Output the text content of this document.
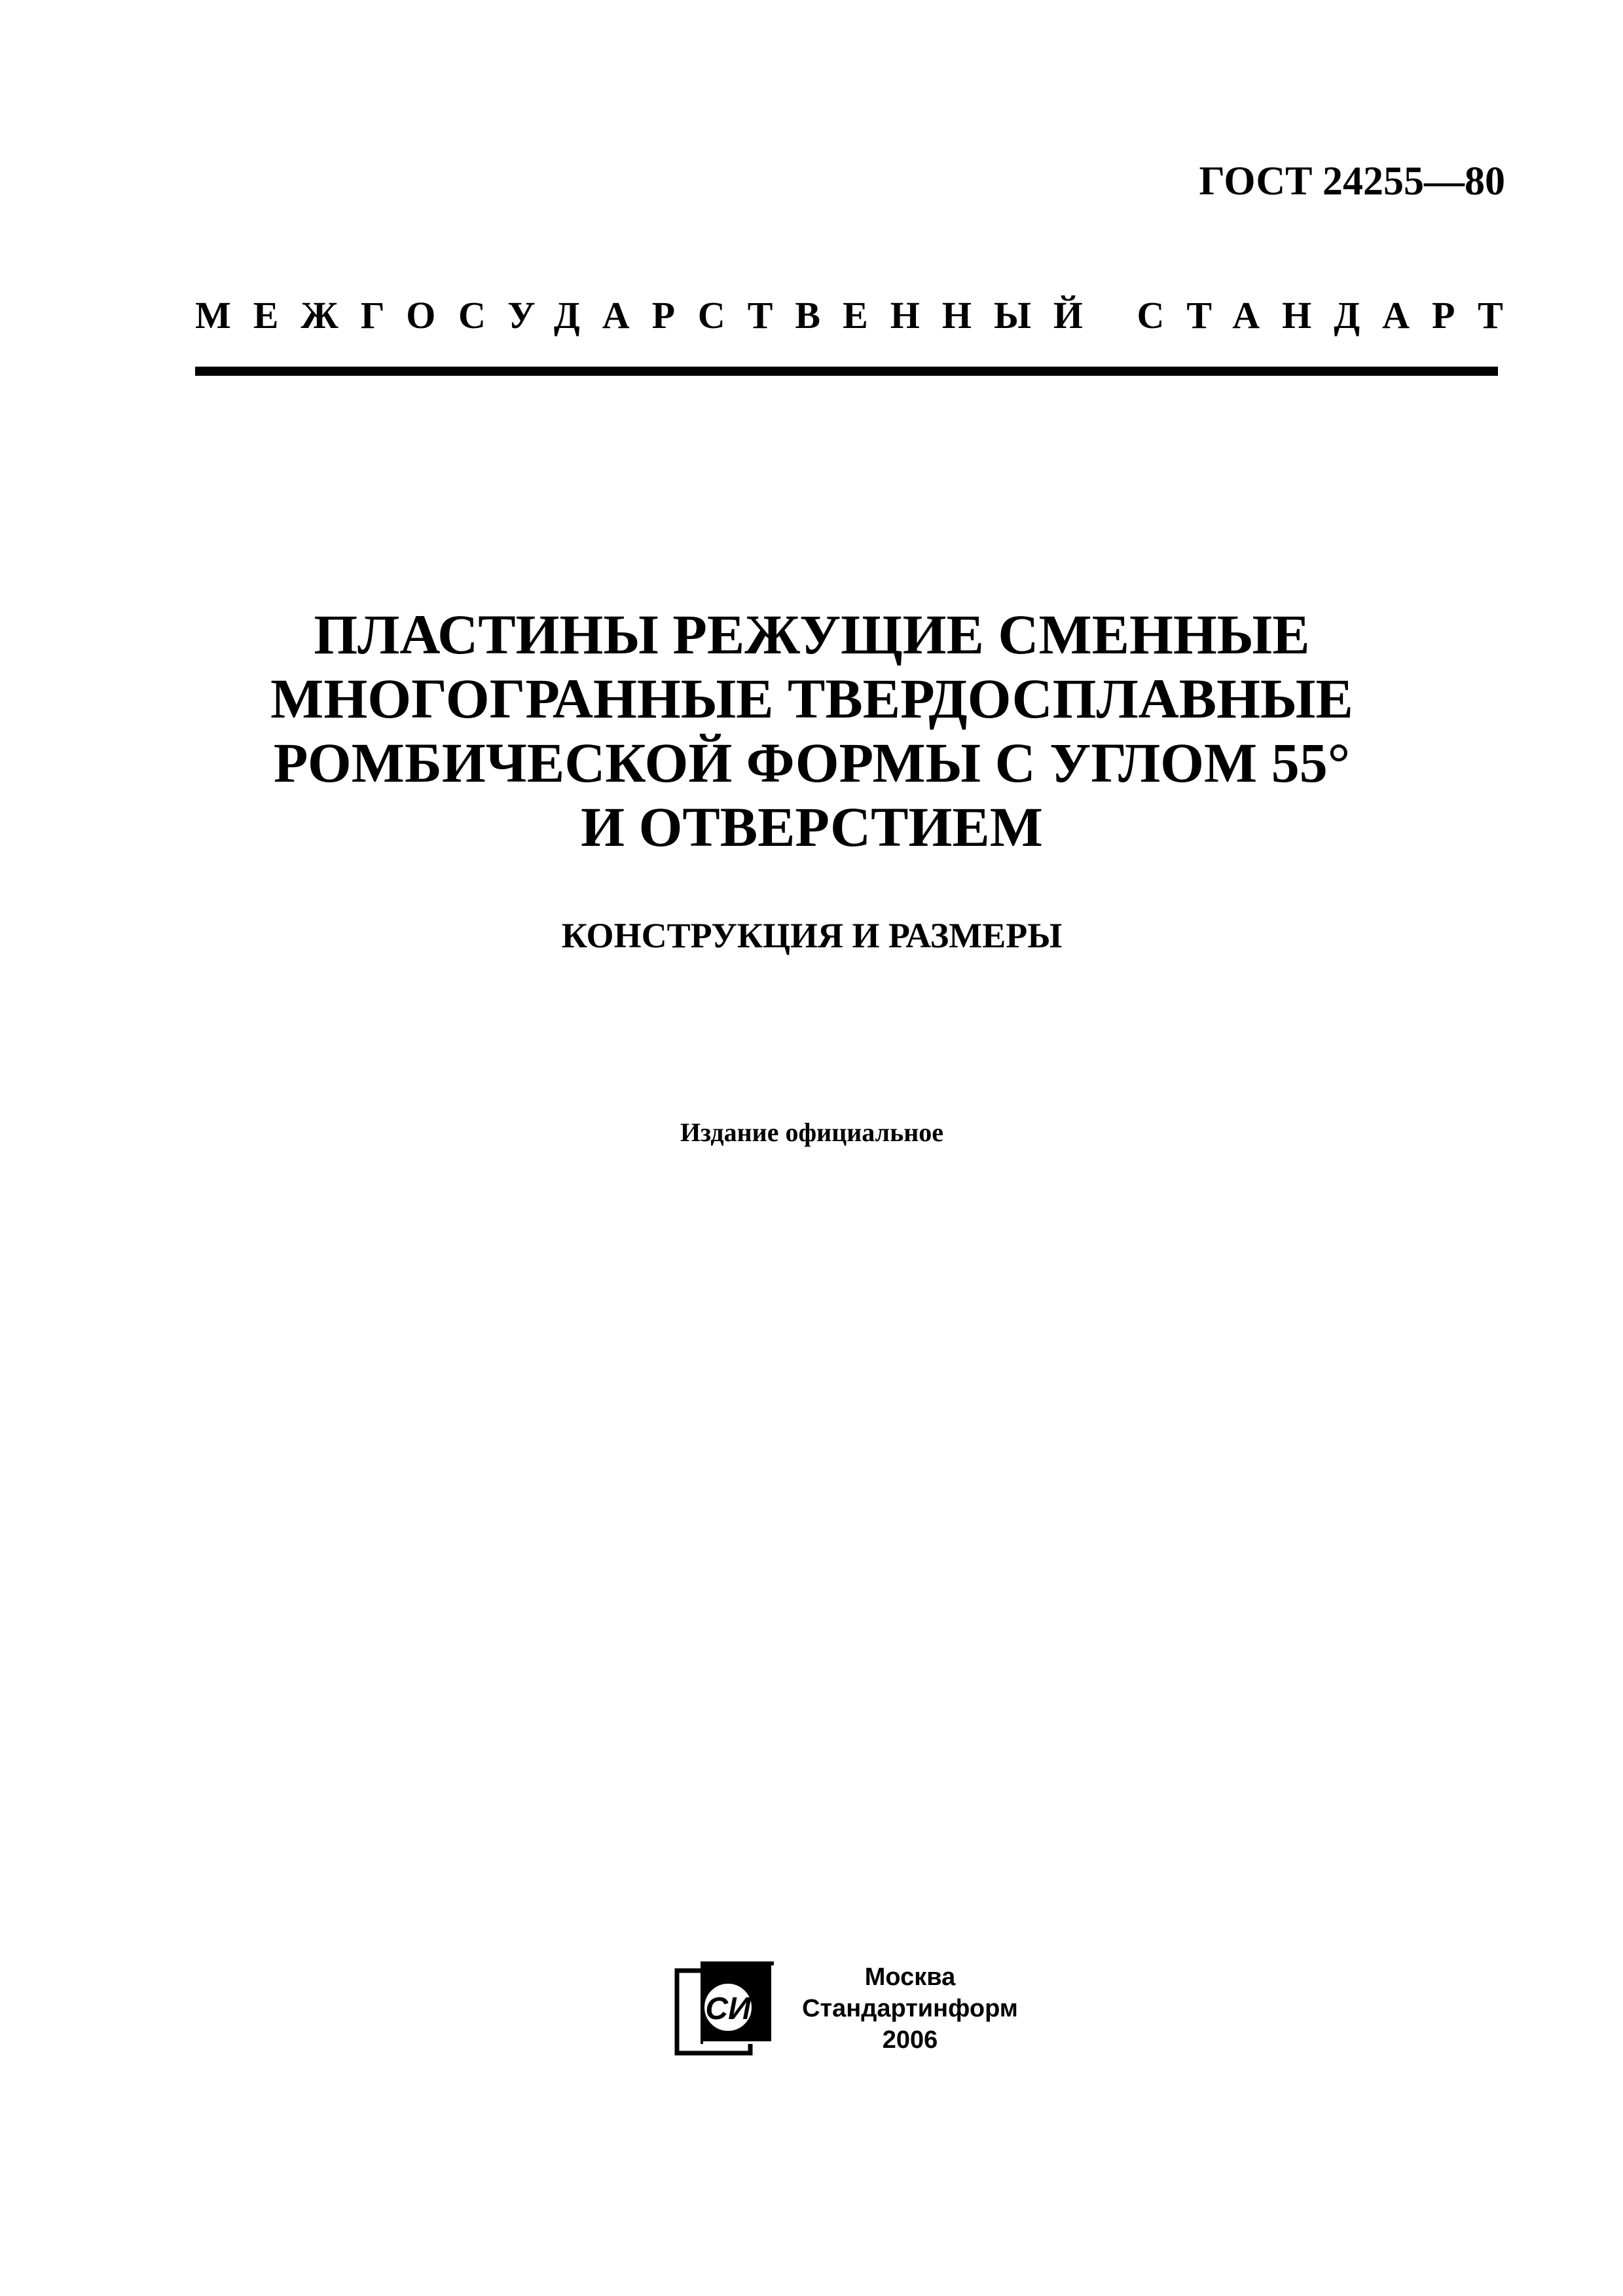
ГОСТ 24255—80
МЕЖГОСУДАРСТВЕННЫЙ СТАНДАРТ
ПЛАСТИНЫ РЕЖУЩИЕ СМЕННЫЕ
МНОГОГРАННЫЕ ТВЕРДОСПЛАВНЫЕ
РОМБИЧЕСКОЙ ФОРМЫ С УГЛОМ 55°
И ОТВЕРСТИЕМ
КОНСТРУКЦИЯ И РАЗМЕРЫ
Издание официальное
СИ
Москва
Стандартинформ
2006
